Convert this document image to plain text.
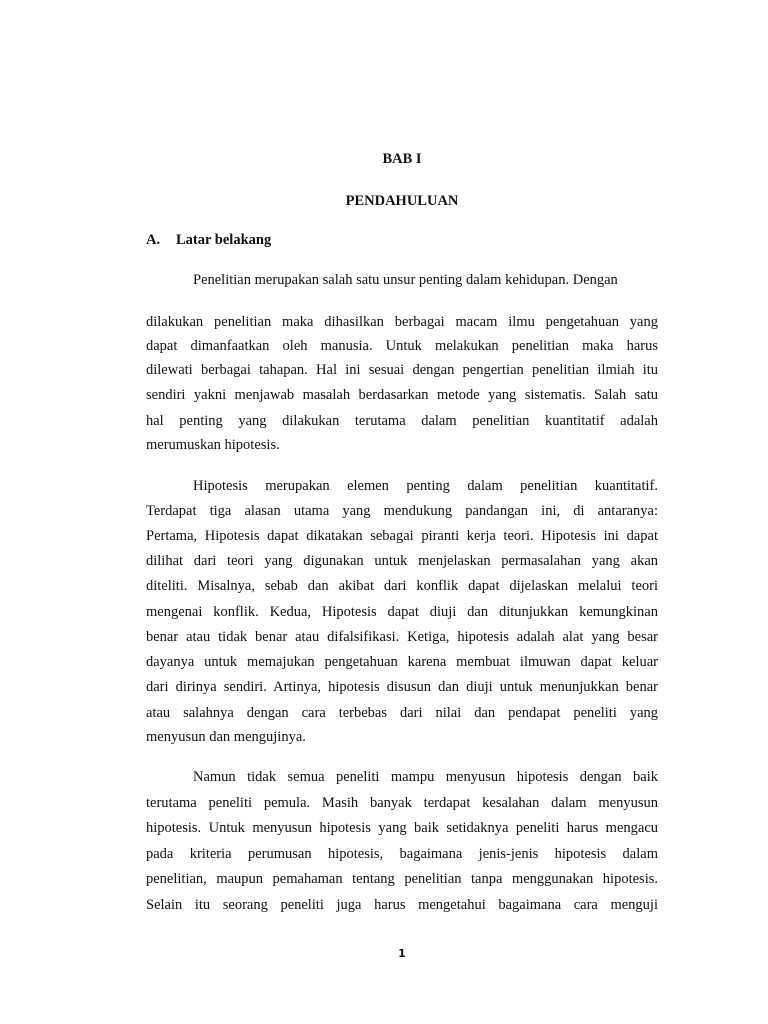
BAB I
PENDAHULUAN
A. Latar belakang

Penelitian merupakan salah satu unsur penting dalam kehidupan. Dengan

dilakukan penelitian maka dihasilkan berbagai macam ilmu pengetahuan yang

dapat dimanfaatkan oleh manusia. Untuk melakukan penelitian maka harus

dilewati berbagai tahapan. Hal ini sesuai dengan pengertian penelitian ilmiah itu

sendiri yakni menjawab masalah berdasarkan metode yang sistematis. Salah satu

hal penting yang dilakukan terutama dalam penelitian kuantitatif adalah

merumuskan hipotesis.

Hipotesis merupakan elemen penting dalam penelitian kuantitatif.

Terdapat tiga alasan utama yang mendukung pandangan ini, di antaranya:

Pertama, Hipotesis dapat dikatakan sebagai piranti kerja teori. Hipotesis ini dapat

dilihat dari teori yang digunakan untuk menjelaskan permasalahan yang akan

diteliti. Misalnya, sebab dan akibat dari konflik dapat dijelaskan melalui teori

mengenai konflik. Kedua, Hipotesis dapat diuji dan ditunjukkan kemungkinan

benar atau tidak benar atau difalsifikasi. Ketiga, hipotesis adalah alat yang besar

dayanya untuk memajukan pengetahuan karena membuat ilmuwan dapat keluar

dari dirinya sendiri. Artinya, hipotesis disusun dan diuji untuk menunjukkan benar

atau salahnya dengan cara terbebas dari nilai dan pendapat peneliti yang

menyusun dan mengujinya.

Namun tidak semua peneliti mampu menyusun hipotesis dengan baik

terutama peneliti pemula. Masih banyak terdapat kesalahan dalam menyusun

hipotesis. Untuk menyusun hipotesis yang baik setidaknya peneliti harus mengacu

pada kriteria perumusan hipotesis, bagaimana jenis-jenis hipotesis dalam

penelitian, maupun pemahaman tentang penelitian tanpa menggunakan hipotesis.

Selain itu seorang peneliti juga harus mengetahui bagaimana cara menguji

1
